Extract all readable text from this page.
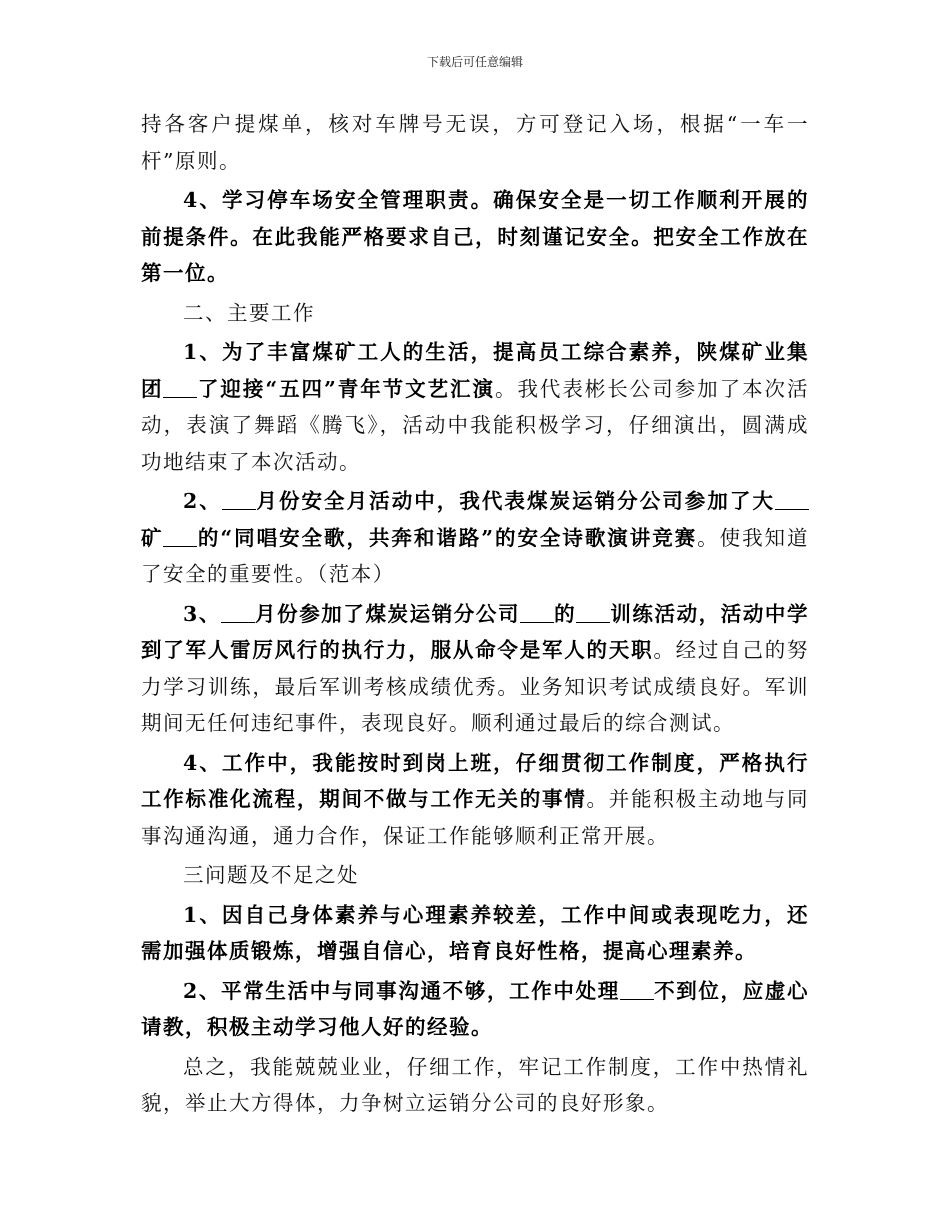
下载后可任意编辑

持各客户提煤单，核对车牌号无误，方可登记入场，根据“一车一杆”原则。

4、学习停车场安全管理职责。确保安全是一切工作顺利开展的前提条件。在此我能严格要求自己，时刻谨记安全。把安全工作放在第一位。

二、主要工作

1、为了丰富煤矿工人的生活，提高员工综合素养，陕煤矿业集团 了迎接“五四”青年节文艺汇演。我代表彬长公司参加了本次活动，表演了舞蹈《腾飞》，活动中我能积极学习，仔细演出，圆满成功地结束了本次活动。

2、 月份安全月活动中，我代表煤炭运销分公司参加了大矿 的“同唱安全歌，共奔和谐路”的安全诗歌演讲竞赛。使我知道了安全的重要性。（范本）

3、 月份参加了煤炭运销分公司 的 训练活动，活动中学到了军人雷厉风行的执行力，服从命令是军人的天职。经过自己的努力学习训练，最后军训考核成绩优秀。业务知识考试成绩良好。军训期间无任何违纪事件，表现良好。顺利通过最后的综合测试。

4、工作中，我能按时到岗上班，仔细贯彻工作制度，严格执行工作标准化流程，期间不做与工作无关的事情。并能积极主动地与同事沟通沟通，通力合作，保证工作能够顺利正常开展。

三问题及不足之处

1、因自己身体素养与心理素养较差，工作中间或表现吃力，还需加强体质锻炼，增强自信心，培育良好性格，提高心理素养。

2、平常生活中与同事沟通不够，工作中处理 不到位，应虚心请教，积极主动学习他人好的经验。

总之，我能兢兢业业，仔细工作，牢记工作制度，工作中热情礼貌，举止大方得体，力争树立运销分公司的良好形象。
